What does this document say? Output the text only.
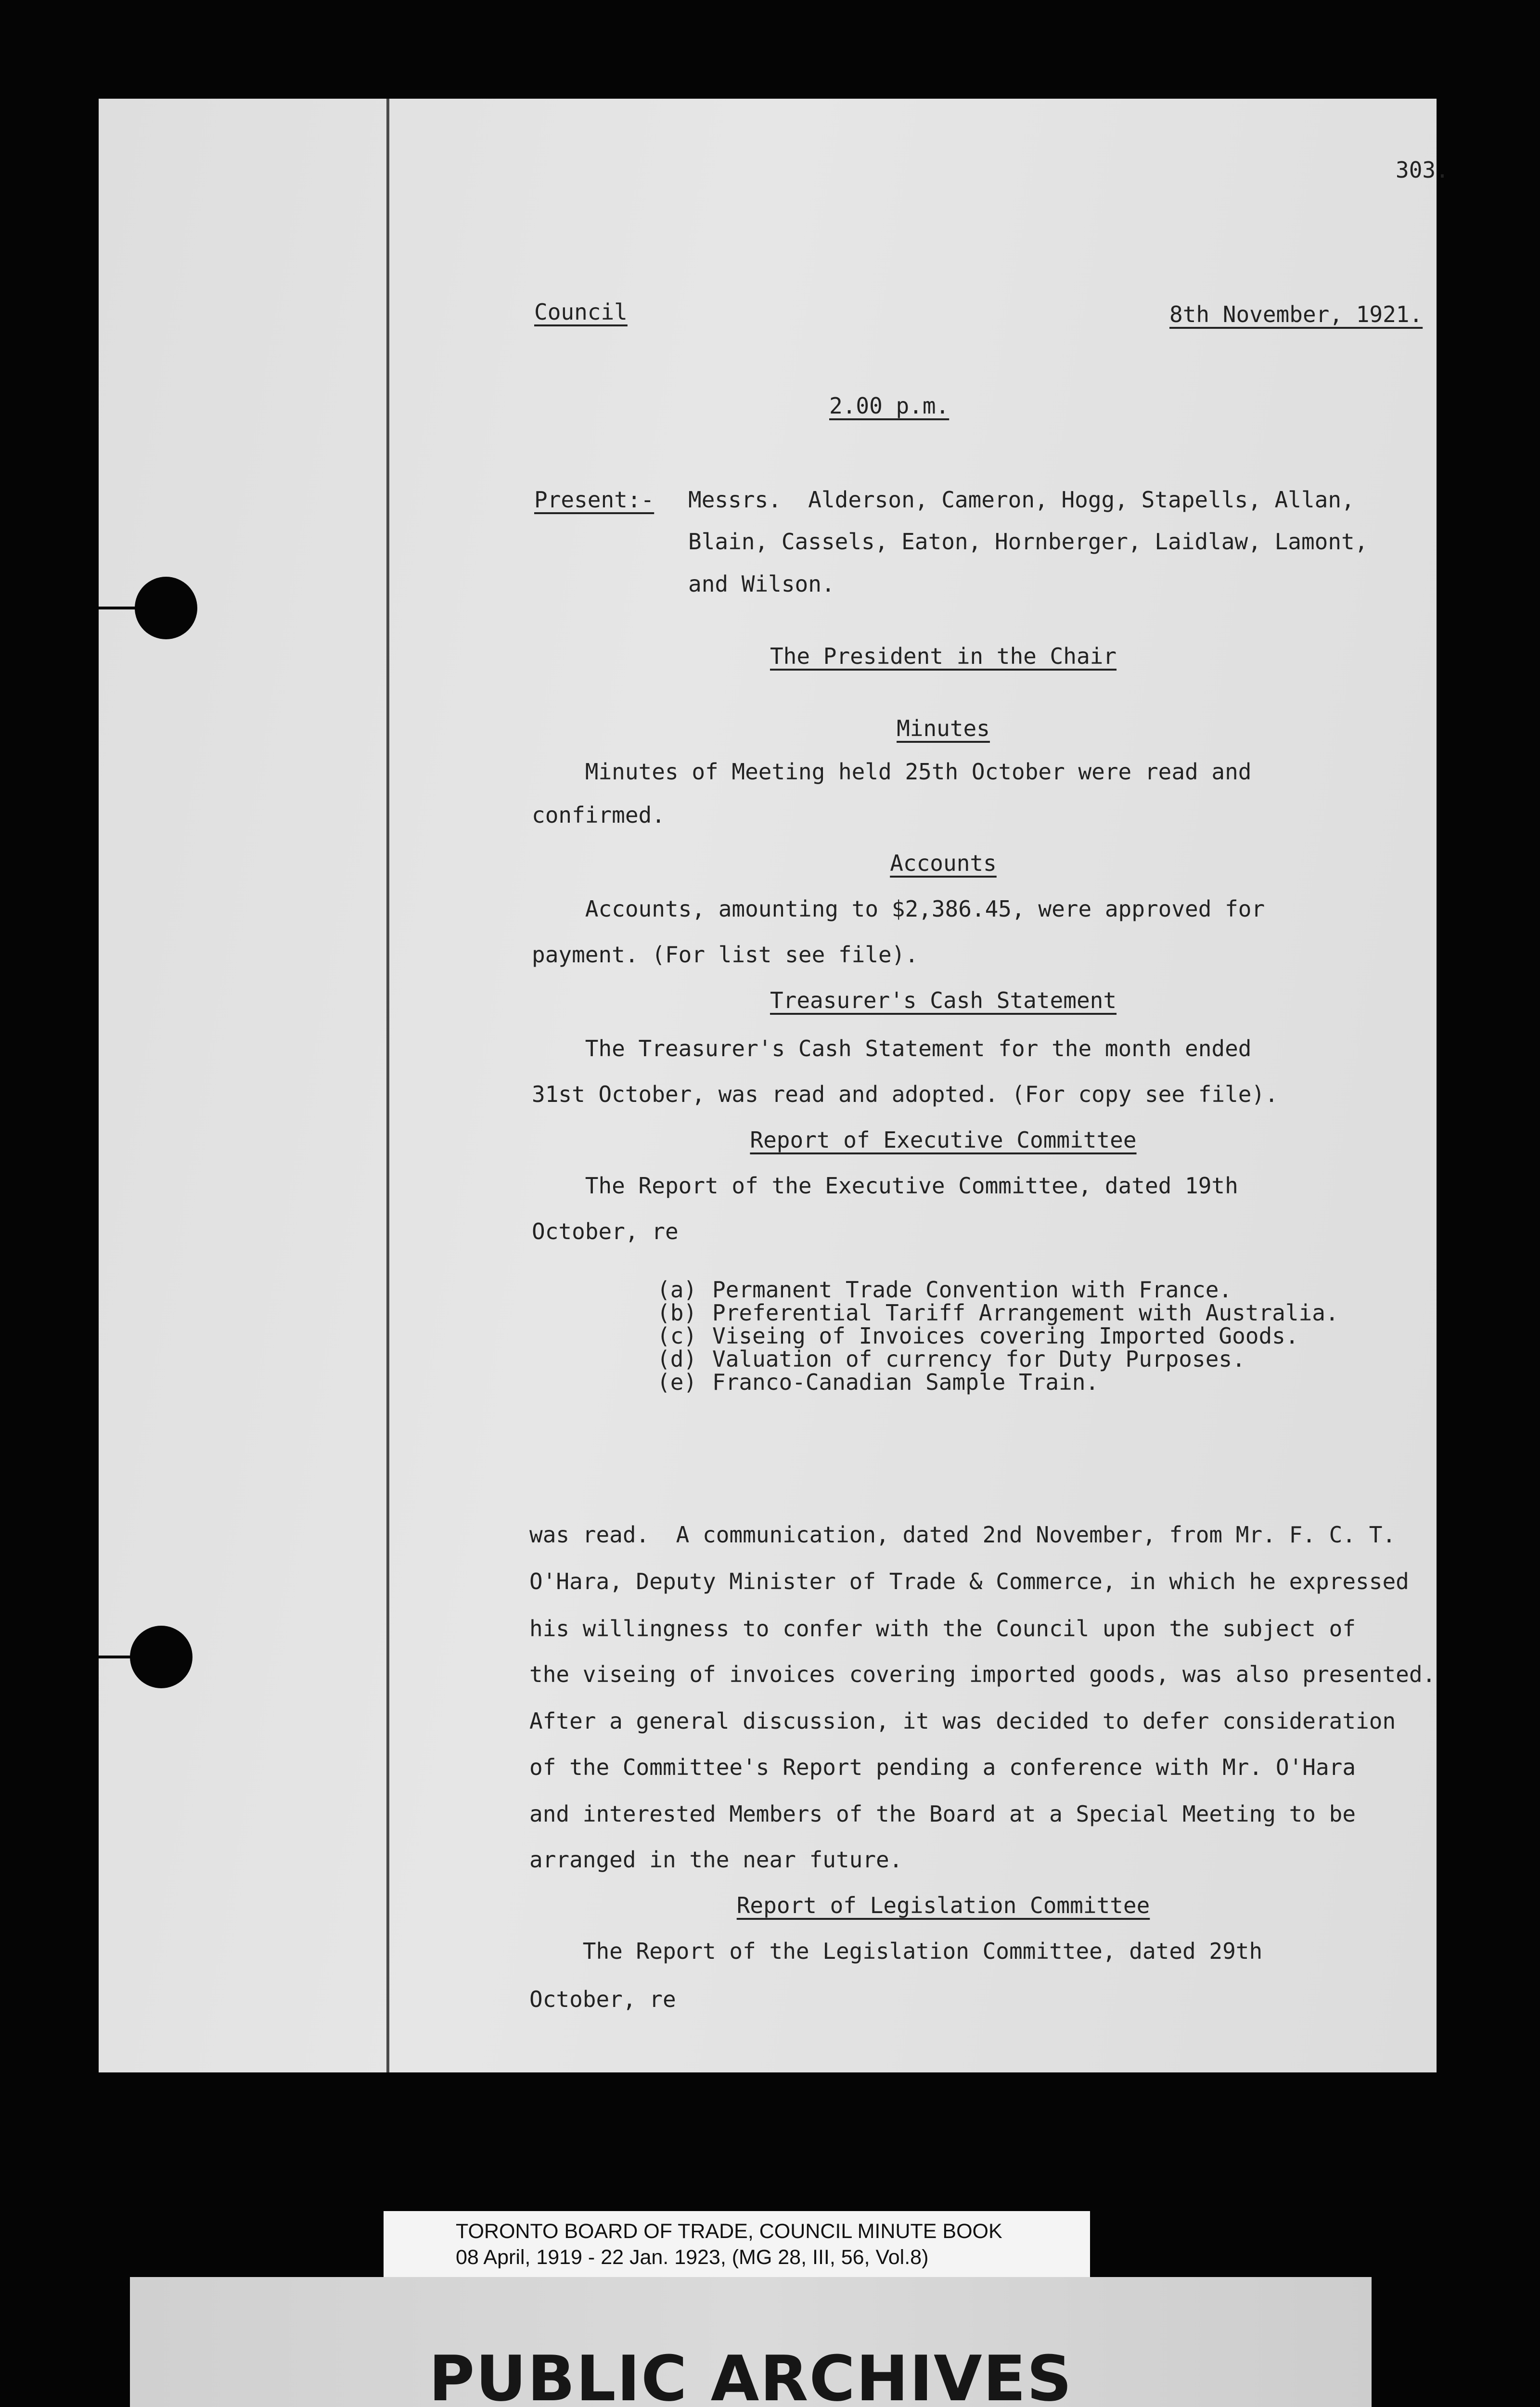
303.
Council	8th November, 1921.
2.00 p.m.
Present:- Messrs.  Alderson, Cameron, Hogg, Stapells, Allan,
Blain, Cassels, Eaton, Hornberger, Laidlaw, Lamont,
and Wilson.
The President in the Chair
Minutes
Minutes of Meeting held 25th October were read and
confirmed.
Accounts
Accounts, amounting to $2,386.45, were approved for
payment. (For list see file).
Treasurer's Cash Statement
The Treasurer's Cash Statement for the month ended
31st October, was read and adopted. (For copy see file).
Report of Executive Committee
The Report of the Executive Committee, dated 19th
October, re
(a) Permanent Trade Convention with France.
(b) Preferential Tariff Arrangement with Australia.
(c) Viseing of Invoices covering Imported Goods.
(d) Valuation of currency for Duty Purposes.
(e) Franco-Canadian Sample Train.
was read.  A communication, dated 2nd November, from Mr. F. C. T.
O'Hara, Deputy Minister of Trade & Commerce, in which he expressed
his willingness to confer with the Council upon the subject of
the viseing of invoices covering imported goods, was also presented.
After a general discussion, it was decided to defer consideration
of the Committee's Report pending a conference with Mr. O'Hara
and interested Members of the Board at a Special Meeting to be
arranged in the near future.
Report of Legislation Committee
The Report of the Legislation Committee, dated 29th
October, re
TORONTO BOARD OF TRADE, COUNCIL MINUTE BOOK
08 April, 1919 - 22 Jan. 1923, (MG 28, III, 56, Vol.8)
PUBLIC ARCHIVES
